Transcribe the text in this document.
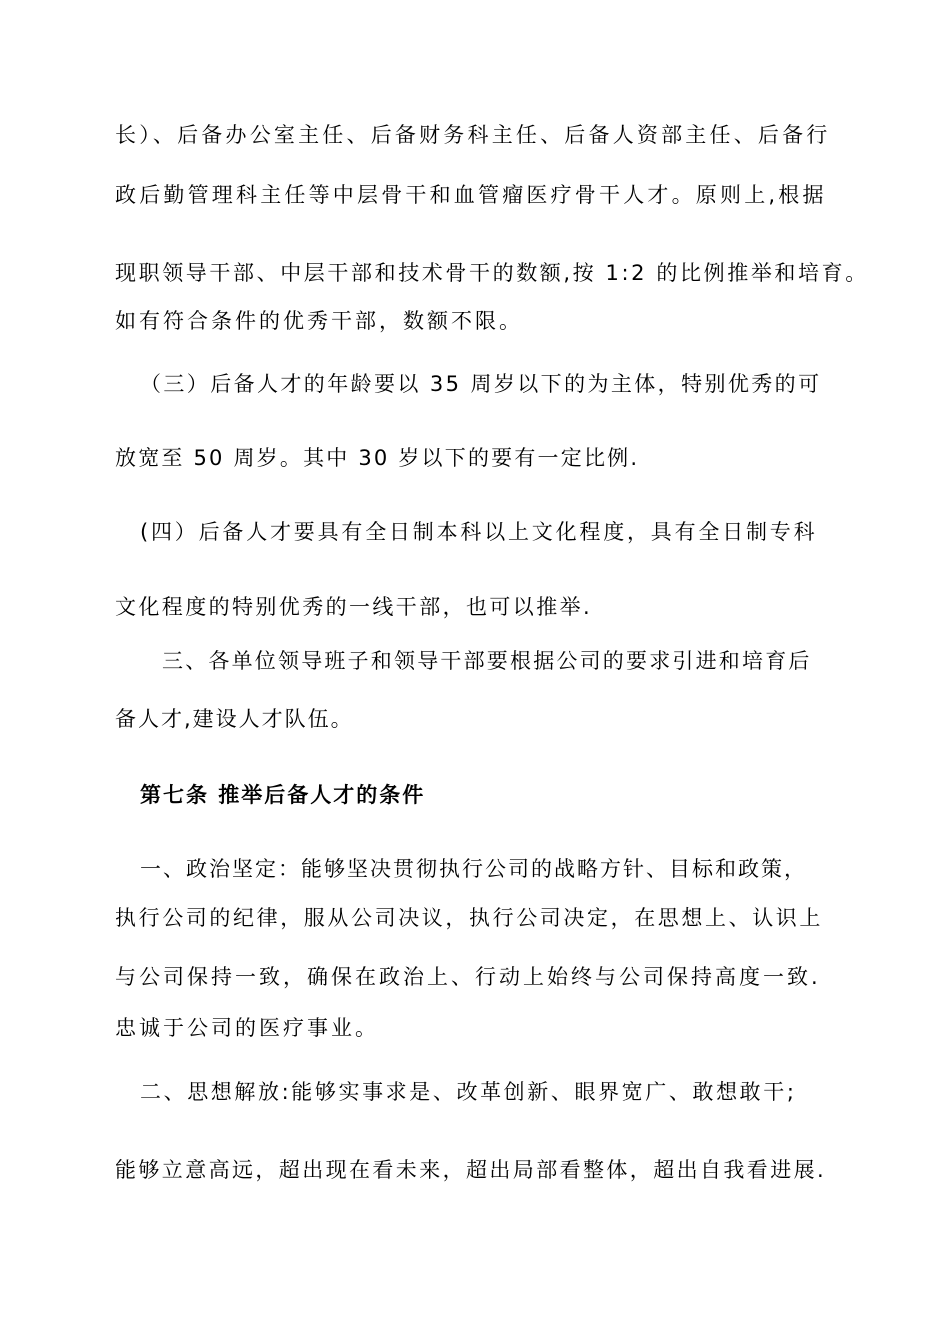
长）、后备办公室主任、后备财务科主任、后备人资部主任、后备行

政后勤管理科主任等中层骨干和血管瘤医疗骨干人才。原则上,根据

现职领导干部、中层干部和技术骨干的数额,按 1:2 的比例推举和培育。

如有符合条件的优秀干部，数额不限。

（三）后备人才的年龄要以 35 周岁以下的为主体，特别优秀的可

放宽至 50 周岁。其中 30 岁以下的要有一定比例.

(四）后备人才要具有全日制本科以上文化程度，具有全日制专科

文化程度的特别优秀的一线干部，也可以推举.

三、各单位领导班子和领导干部要根据公司的要求引进和培育后

备人才,建设人才队伍。

第七条 推举后备人才的条件

一、政治坚定：能够坚决贯彻执行公司的战略方针、目标和政策，

执行公司的纪律，服从公司决议，执行公司决定，在思想上、认识上

与公司保持一致，确保在政治上、行动上始终与公司保持高度一致.

忠诚于公司的医疗事业。

二、思想解放:能够实事求是、改革创新、眼界宽广、敢想敢干;

能够立意高远，超出现在看未来，超出局部看整体，超出自我看进展.
